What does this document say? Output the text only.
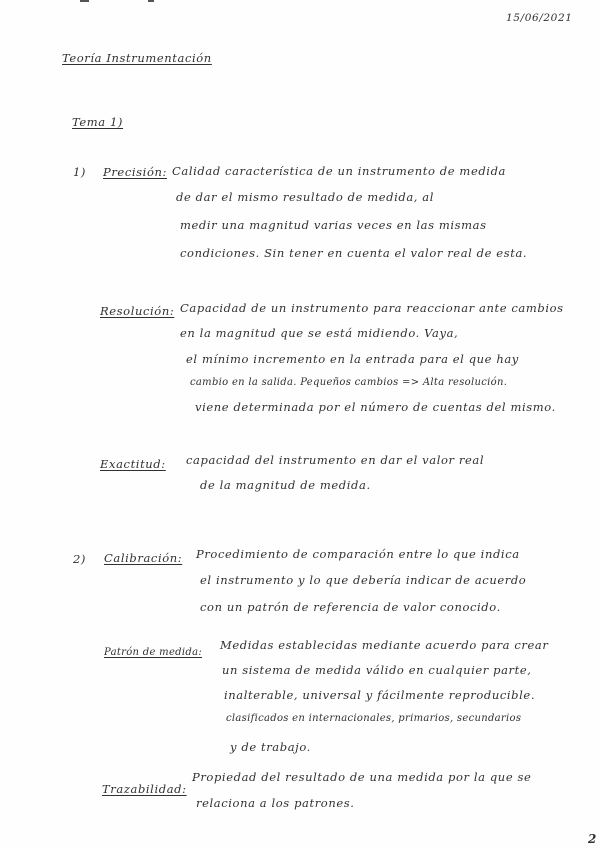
15/06/2021
Teoría Instrumentación
Tema 1)
1) Precisión: Calidad característica de un instrumento de medida
de dar el mismo resultado de medida, al
medir una magnitud varias veces en las mismas
condiciones. Sin tener en cuenta el valor real de esta.
Resolución: Capacidad de un instrumento para reaccionar ante cambios
en la magnitud que se está midiendo. Vaya,
el mínimo incremento en la entrada para el que hay
cambio en la salida. Pequeños cambios => Alta resolución.
viene determinada por el número de cuentas del mismo.
Exactitud: capacidad del instrumento en dar el valor real
de la magnitud de medida.
2) Calibración: Procedimiento de comparación entre lo que indica
el instrumento y lo que debería indicar de acuerdo
con un patrón de referencia de valor conocido.
Patrón de medida:
Medidas establecidas mediante acuerdo para crear
un sistema de medida válido en cualquier parte,
inalterable, universal y fácilmente reproducible.
clasificados en internacionales, primarios, secundarios
y de trabajo.
Trazabilidad:
Propiedad del resultado de una medida por la que se
relaciona a los patrones.
2
